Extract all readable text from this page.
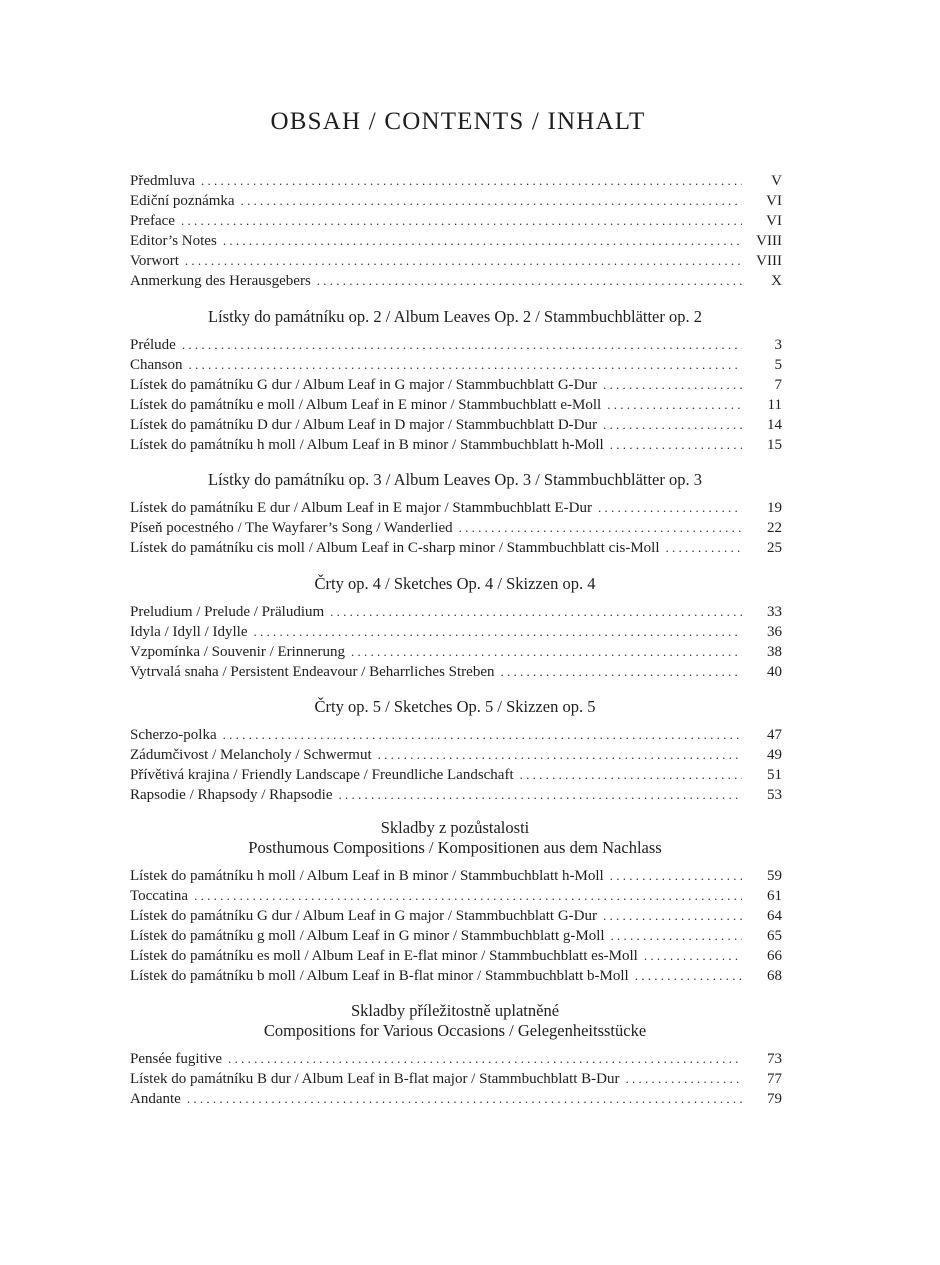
OBSAH / CONTENTS / INHALT
Předmluva . . .	V
Ediční poznámka . . .	VI
Preface . . .	VI
Editor’s Notes . . .	VIII
Vorwort . . .	VIII
Anmerkung des Herausgebers . . .	X
Lístky do památníku op. 2 / Album Leaves Op. 2 / Stammbuchblätter op. 2
Prélude . . .	3
Chanson . . .	5
Lístek do památníku G dur / Album Leaf in G major / Stammbuchblatt G-Dur . . .	7
Lístek do památníku e moll / Album Leaf in E minor / Stammbuchblatt e-Moll . . .	11
Lístek do památníku D dur / Album Leaf in D major / Stammbuchblatt D-Dur . . .	14
Lístek do památníku h moll / Album Leaf in B minor / Stammbuchblatt h-Moll . . .	15
Lístky do památníku op. 3 / Album Leaves Op. 3 / Stammbuchblätter op. 3
Lístek do památníku E dur / Album Leaf in E major / Stammbuchblatt E-Dur . . .	19
Píseň pocestného / The Wayfarer’s Song / Wanderlied . . .	22
Lístek do památníku cis moll / Album Leaf in C-sharp minor / Stammbuchblatt cis-Moll . . .	25
Črty op. 4 / Sketches Op. 4 / Skizzen op. 4
Preludium / Prelude / Präludium . . .	33
Idyla / Idyll / Idylle . . .	36
Vzpomínka / Souvenir / Erinnerung . . .	38
Vytrvalá snaha / Persistent Endeavour / Beharrliches Streben . . .	40
Črty op. 5 / Sketches Op. 5 / Skizzen op. 5
Scherzo-polka . . .	47
Zádumčivost / Melancholy / Schwermut . . .	49
Přívětivá krajina / Friendly Landscape / Freundliche Landschaft . . .	51
Rapsodie / Rhapsody / Rhapsodie . . .	53
Skladby z pozůstalosti
Posthumous Compositions / Kompositionen aus dem Nachlass
Lístek do památníku h moll / Album Leaf in B minor / Stammbuchblatt h-Moll . . .	59
Toccatina . . .	61
Lístek do památníku G dur / Album Leaf in G major / Stammbuchblatt G-Dur . . .	64
Lístek do památníku g moll / Album Leaf in G minor / Stammbuchblatt g-Moll . . .	65
Lístek do památníku es moll / Album Leaf in E-flat minor / Stammbuchblatt es-Moll . . .	66
Lístek do památníku b moll / Album Leaf in B-flat minor / Stammbuchblatt b-Moll . . .	68
Skladby příležitostně uplatněné
Compositions for Various Occasions / Gelegenheitsstücke
Pensée fugitive . . .	73
Lístek do památníku B dur / Album Leaf in B-flat major / Stammbuchblatt B-Dur . . .	77
Andante . . .	79
